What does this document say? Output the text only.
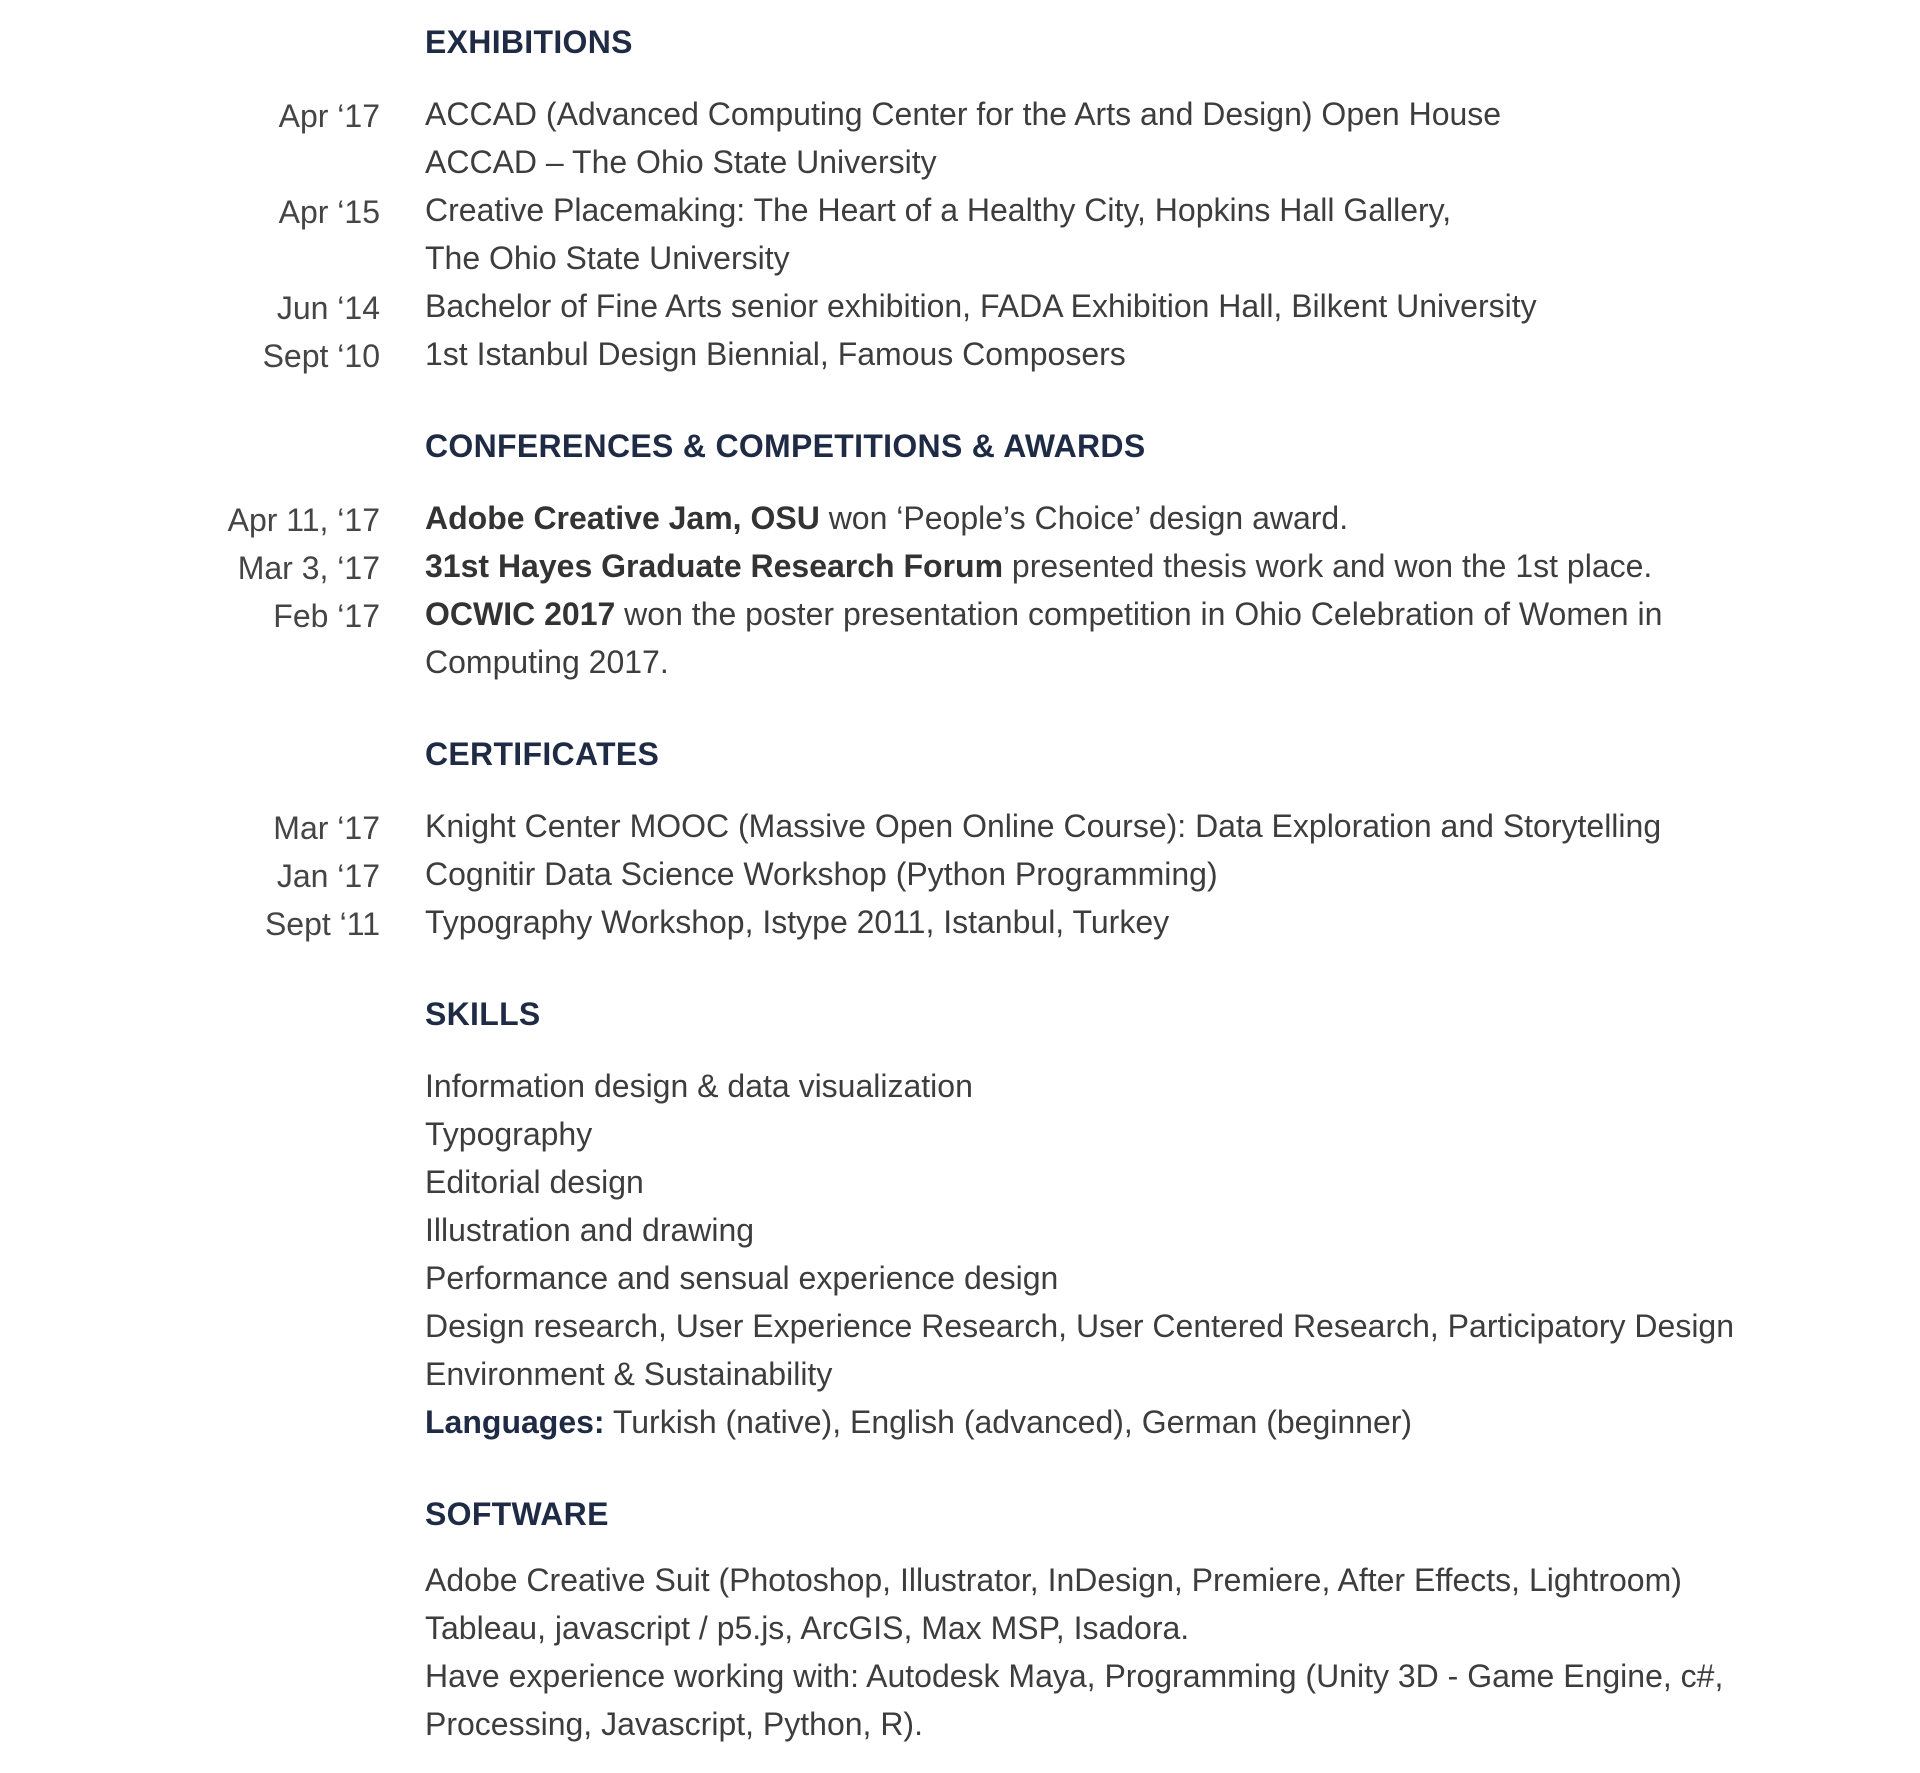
EXHIBITIONS
Apr ‘17 ACCAD (Advanced Computing Center for the Arts and Design) Open House
ACCAD – The Ohio State University
Apr ‘15 Creative Placemaking: The Heart of a Healthy City, Hopkins Hall Gallery,
The Ohio State University
Jun ‘14 Bachelor of Fine Arts senior exhibition, FADA Exhibition Hall, Bilkent University
Sept ‘10 1st Istanbul Design Biennial, Famous Composers
CONFERENCES & COMPETITIONS & AWARDS
Apr 11, ‘17 Adobe Creative Jam, OSU won ‘People’s Choice’ design award.
Mar 3, ‘17 31st Hayes Graduate Research Forum presented thesis work and won the 1st place.
Feb ‘17 OCWIC 2017 won the poster presentation competition in Ohio Celebration of Women in
Computing 2017.
CERTIFICATES
Mar ‘17 Knight Center MOOC (Massive Open Online Course): Data Exploration and Storytelling
Jan ‘17 Cognitir Data Science Workshop (Python Programming)
Sept ‘11 Typography Workshop, Istype 2011, Istanbul, Turkey
SKILLS
Information design & data visualization
Typography
Editorial design
Illustration and drawing
Performance and sensual experience design
Design research, User Experience Research, User Centered Research, Participatory Design
Environment & Sustainability
Languages: Turkish (native), English (advanced), German (beginner)
SOFTWARE
Adobe Creative Suit (Photoshop, Illustrator, InDesign, Premiere, After Effects, Lightroom)
Tableau, javascript / p5.js, ArcGIS, Max MSP, Isadora.
Have experience working with: Autodesk Maya, Programming (Unity 3D - Game Engine, c#,
Processing, Javascript, Python, R).
